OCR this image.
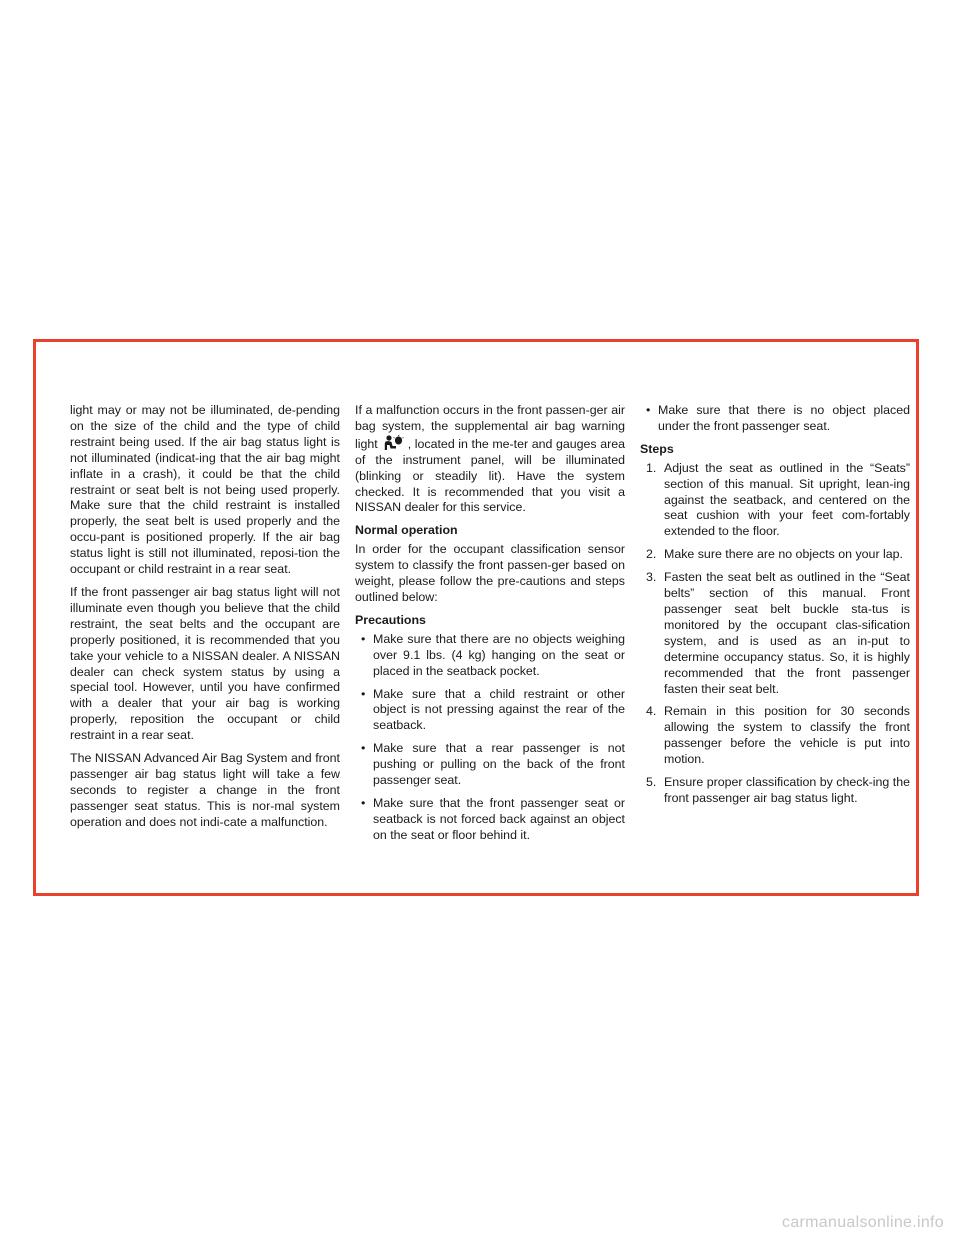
light may or may not be illuminated, de-pending on the size of the child and the type of child restraint being used. If the air bag status light is not illuminated (indicat-ing that the air bag might inflate in a crash), it could be that the child restraint or seat belt is not being used properly. Make sure that the child restraint is installed properly, the seat belt is used properly and the occu-pant is positioned properly. If the air bag status light is still not illuminated, reposi-tion the occupant or child restraint in a rear seat.

If the front passenger air bag status light will not illuminate even though you believe that the child restraint, the seat belts and the occupant are properly positioned, it is recommended that you take your vehicle to a NISSAN dealer. A NISSAN dealer can check system status by using a special tool. However, until you have confirmed with a dealer that your air bag is working properly, reposition the occupant or child restraint in a rear seat.

The NISSAN Advanced Air Bag System and front passenger air bag status light will take a few seconds to register a change in the front passenger seat status. This is nor-mal system operation and does not indi-cate a malfunction.

If a malfunction occurs in the front passen-ger air bag system, the supplemental air bag warning light , located in the me-ter and gauges area of the instrument panel, will be illuminated (blinking or steadily lit). Have the system checked. It is recommended that you visit a NISSAN dealer for this service.

Normal operation

In order for the occupant classification sensor system to classify the front passen-ger based on weight, please follow the pre-cautions and steps outlined below:

Precautions
• Make sure that there are no objects weighing over 9.1 lbs. (4 kg) hanging on the seat or placed in the seatback pocket.
• Make sure that a child restraint or other object is not pressing against the rear of the seatback.
• Make sure that a rear passenger is not pushing or pulling on the back of the front passenger seat.
• Make sure that the front passenger seat or seatback is not forced back against an object on the seat or floor behind it.
• Make sure that there is no object placed under the front passenger seat.
Steps
1. Adjust the seat as outlined in the “Seats” section of this manual. Sit upright, lean-ing against the seatback, and centered on the seat cushion with your feet com-fortably extended to the floor.
2. Make sure there are no objects on your lap.
3. Fasten the seat belt as outlined in the “Seat belts” section of this manual. Front passenger seat belt buckle sta-tus is monitored by the occupant clas-sification system, and is used as an in-put to determine occupancy status. So, it is highly recommended that the front passenger fasten their seat belt.
4. Remain in this position for 30 seconds allowing the system to classify the front passenger before the vehicle is put into motion.
5. Ensure proper classification by check-ing the front passenger air bag status light.
carmanualsonline.info
